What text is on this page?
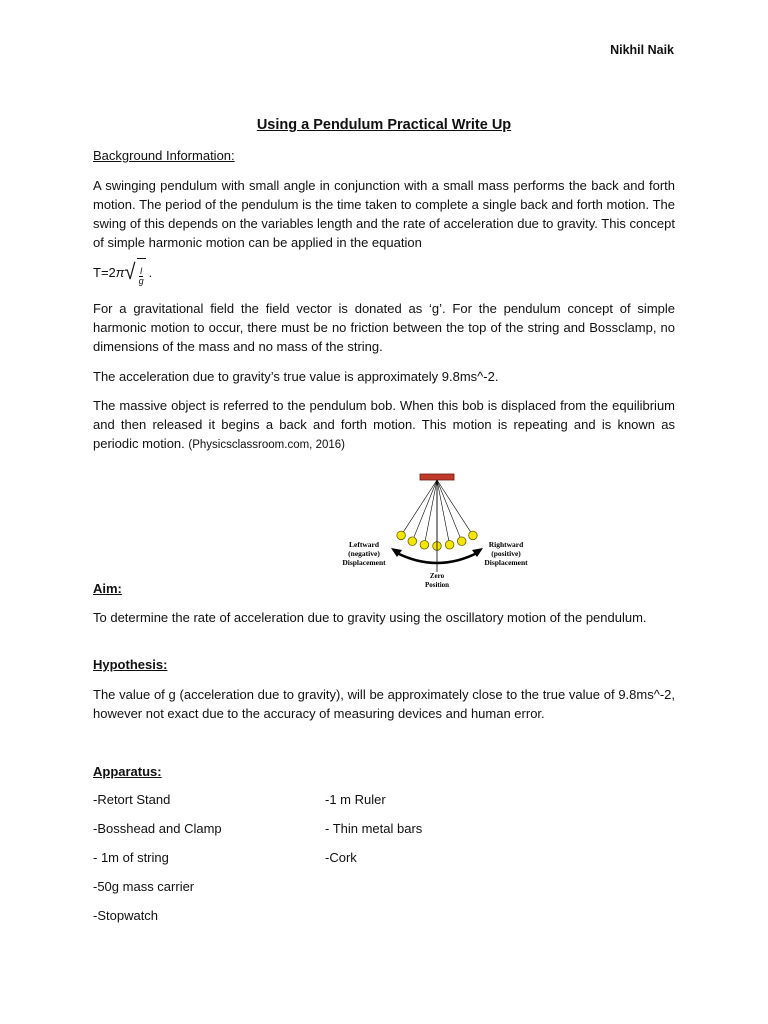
Nikhil Naik
Using a Pendulum Practical Write Up
Background Information:

A swinging pendulum with small angle in conjunction with a small mass performs the back and forth motion. The period of the pendulum is the time taken to complete a single back and forth motion. The swing of this depends on the variables length and the rate of acceleration due to gravity. This concept of simple harmonic motion can be applied in the equation

T=2 π √ $\frac{l}{g}$ .

For a gravitational field the field vector is donated as ‘g’. For the pendulum concept of simple harmonic motion to occur, there must be no friction between the top of the string and Bossclamp, no dimensions of the mass and no mass of the string.

The acceleration due to gravity’s true value is approximately 9.8ms^-2.

The massive object is referred to the pendulum bob. When this bob is displaced from the equilibrium and then released it begins a back and forth motion. This motion is repeating and is known as periodic motion. (Physicsclassroom.com, 2016)

Leftward
(negative)
Displacement
Rightward
(positive)
Displacement
Zero
Position
Aim:

To determine the rate of acceleration due to gravity using the oscillatory motion of the pendulum.

Hypothesis:

The value of g (acceleration due to gravity), will be approximately close to the true value of 9.8ms^-2, however not exact due to the accuracy of measuring devices and human error.

Apparatus:
-Retort Stand
-Bosshead and Clamp
- 1m of string
-50g mass carrier
-Stopwatch
-1 m Ruler
- Thin metal bars
-Cork
